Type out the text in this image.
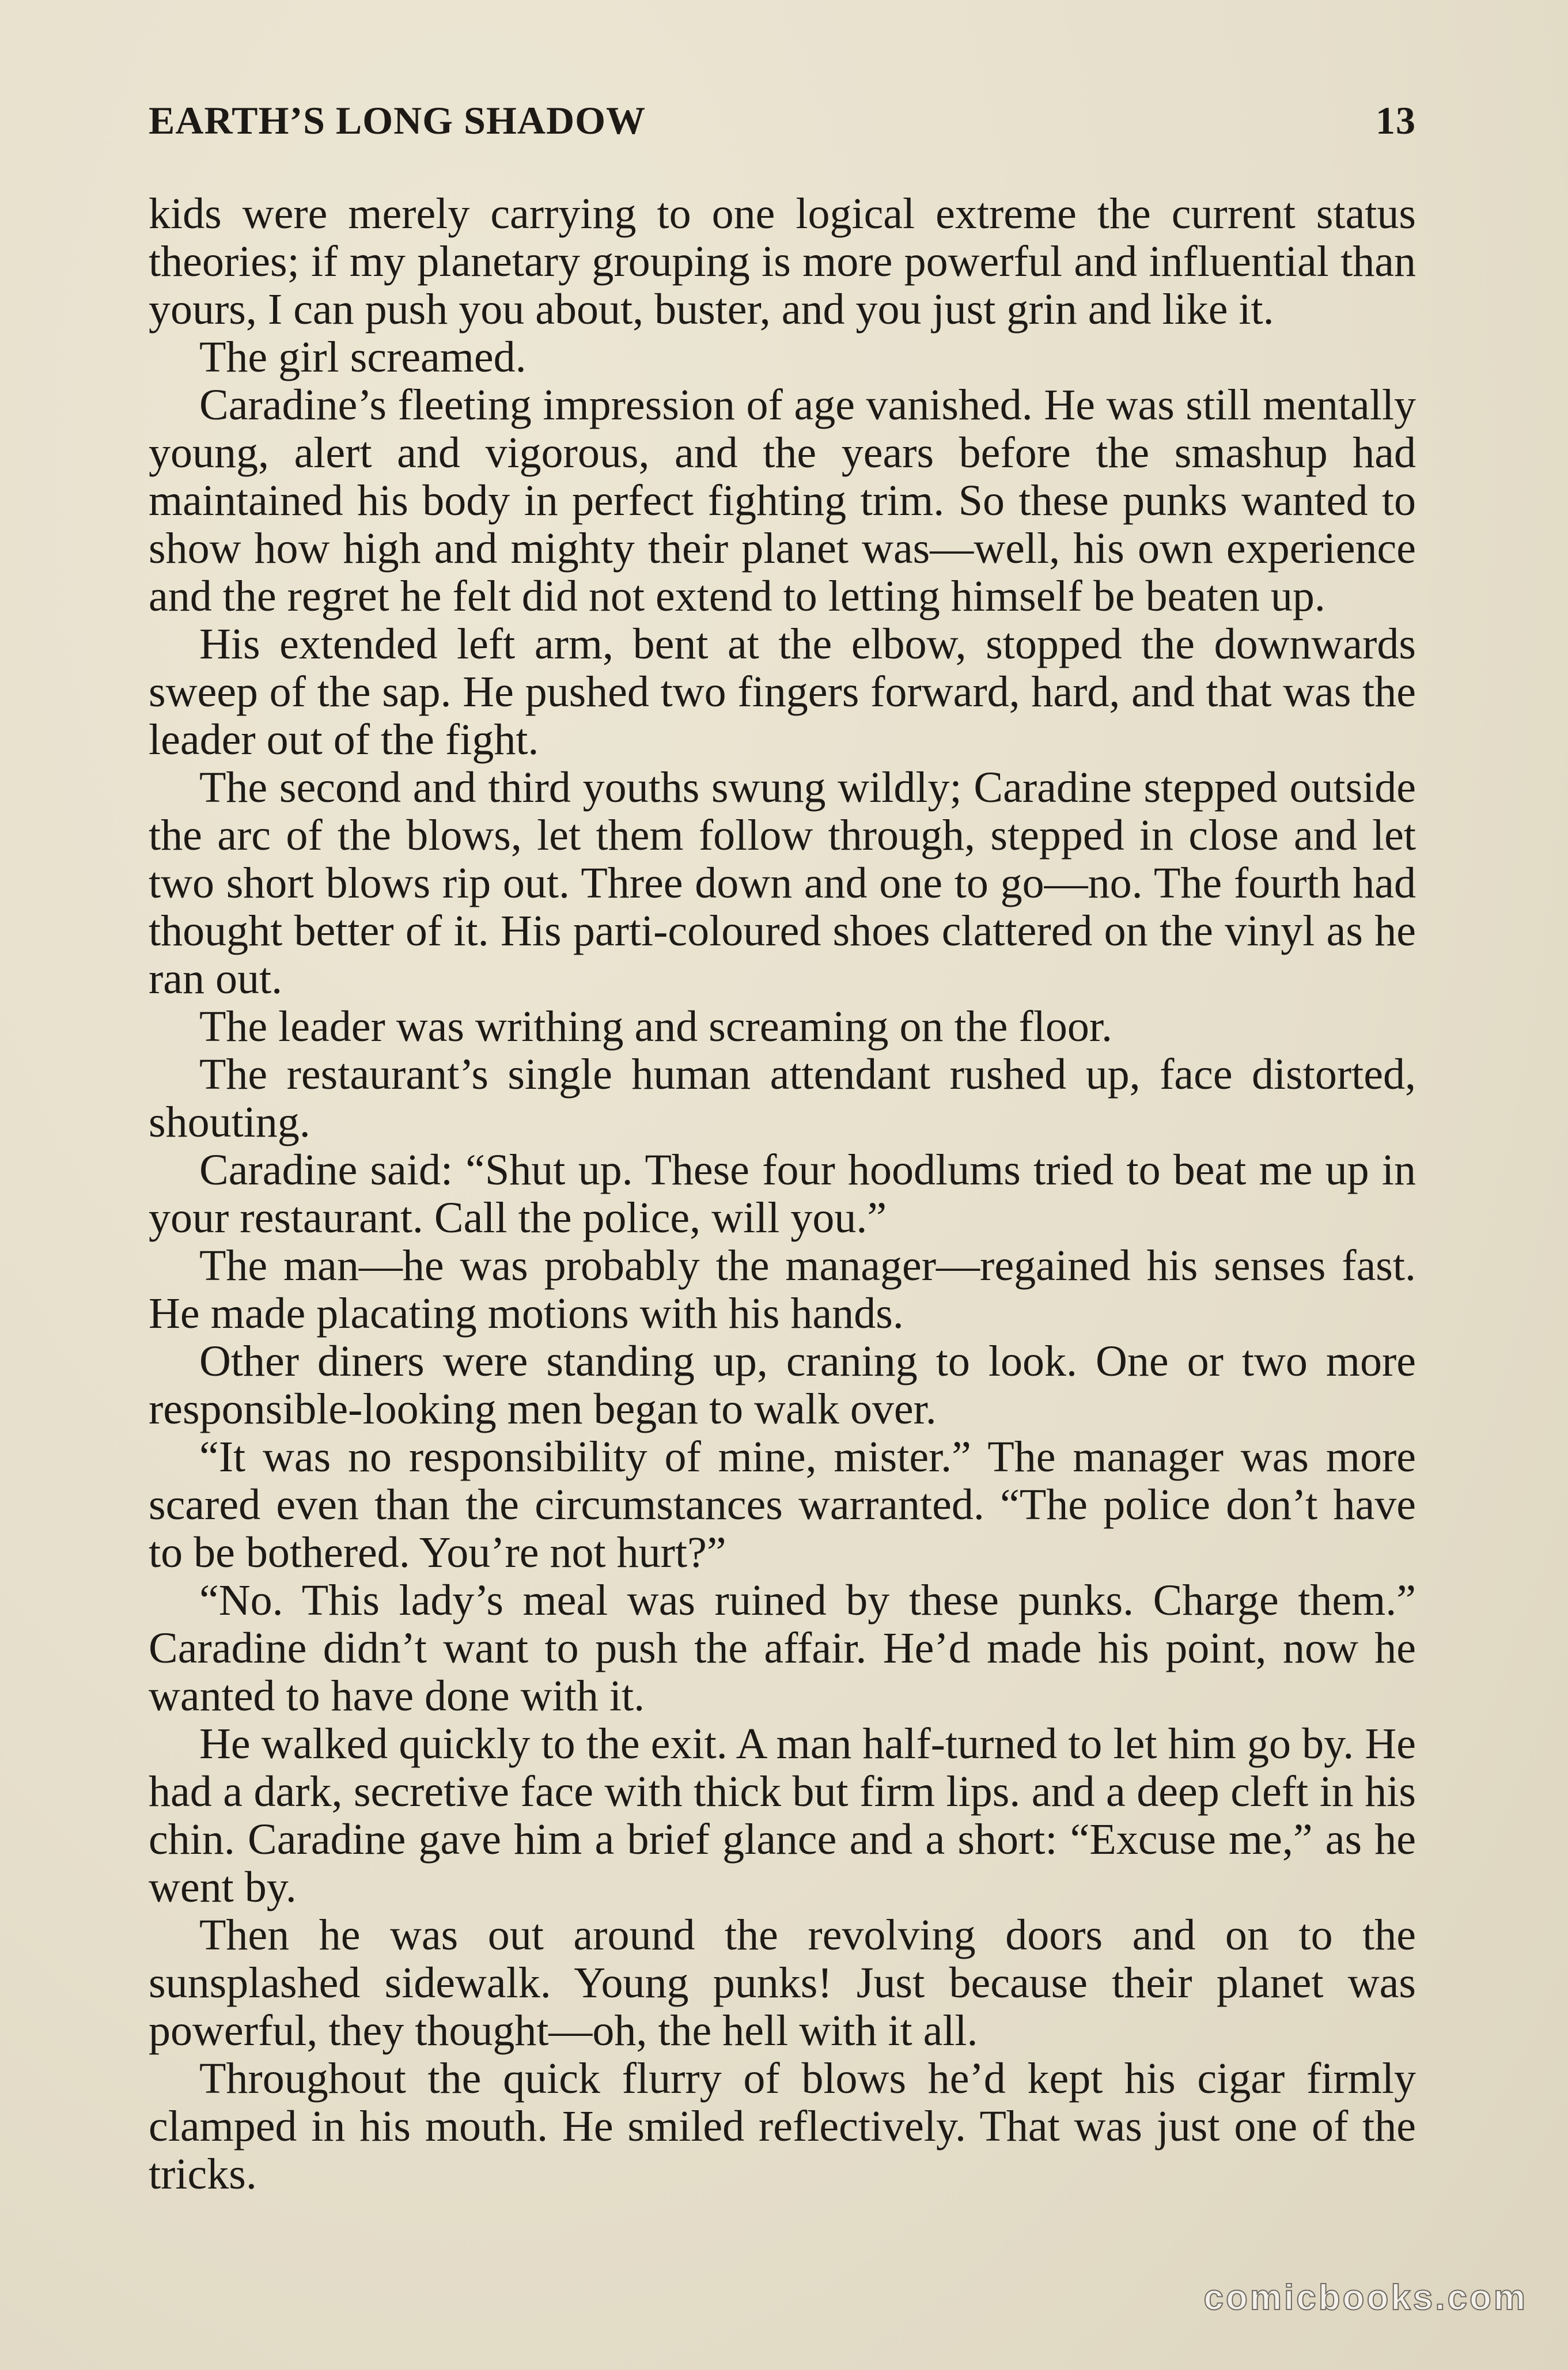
EARTH’S LONG SHADOW	13

kids were merely carrying to one logical extreme the current status theories; if my planetary grouping is more powerful and influential than yours, I can push you about, buster, and you just grin and like it.

The girl screamed.

Caradine’s fleeting impression of age vanished. He was still mentally young, alert and vigorous, and the years before the smashup had maintained his body in perfect fighting trim. So these punks wanted to show how high and mighty their planet was—well, his own experience and the regret he felt did not extend to letting himself be beaten up.

His extended left arm, bent at the elbow, stopped the downwards sweep of the sap. He pushed two fingers forward, hard, and that was the leader out of the fight.

The second and third youths swung wildly; Caradine stepped outside the arc of the blows, let them follow through, stepped in close and let two short blows rip out. Three down and one to go—no. The fourth had thought better of it. His parti-coloured shoes clattered on the vinyl as he ran out.

The leader was writhing and screaming on the floor.

The restaurant’s single human attendant rushed up, face distorted, shouting.

Caradine said: “Shut up. These four hoodlums tried to beat me up in your restaurant. Call the police, will you.”

The man—he was probably the manager—regained his senses fast. He made placating motions with his hands.

Other diners were standing up, craning to look. One or two more responsible-looking men began to walk over.

“It was no responsibility of mine, mister.” The manager was more scared even than the circumstances warranted. “The police don’t have to be bothered. You’re not hurt?”

“No. This lady’s meal was ruined by these punks. Charge them.” Caradine didn’t want to push the affair. He’d made his point, now he wanted to have done with it.

He walked quickly to the exit. A man half-turned to let him go by. He had a dark, secretive face with thick but firm lips. and a deep cleft in his chin. Caradine gave him a brief glance and a short: “Excuse me,” as he went by.

Then he was out around the revolving doors and on to the sunsplashed sidewalk. Young punks! Just because their planet was powerful, they thought—oh, the hell with it all.

Throughout the quick flurry of blows he’d kept his cigar firmly clamped in his mouth. He smiled reflectively. That was just one of the tricks.

comicbooks.com
